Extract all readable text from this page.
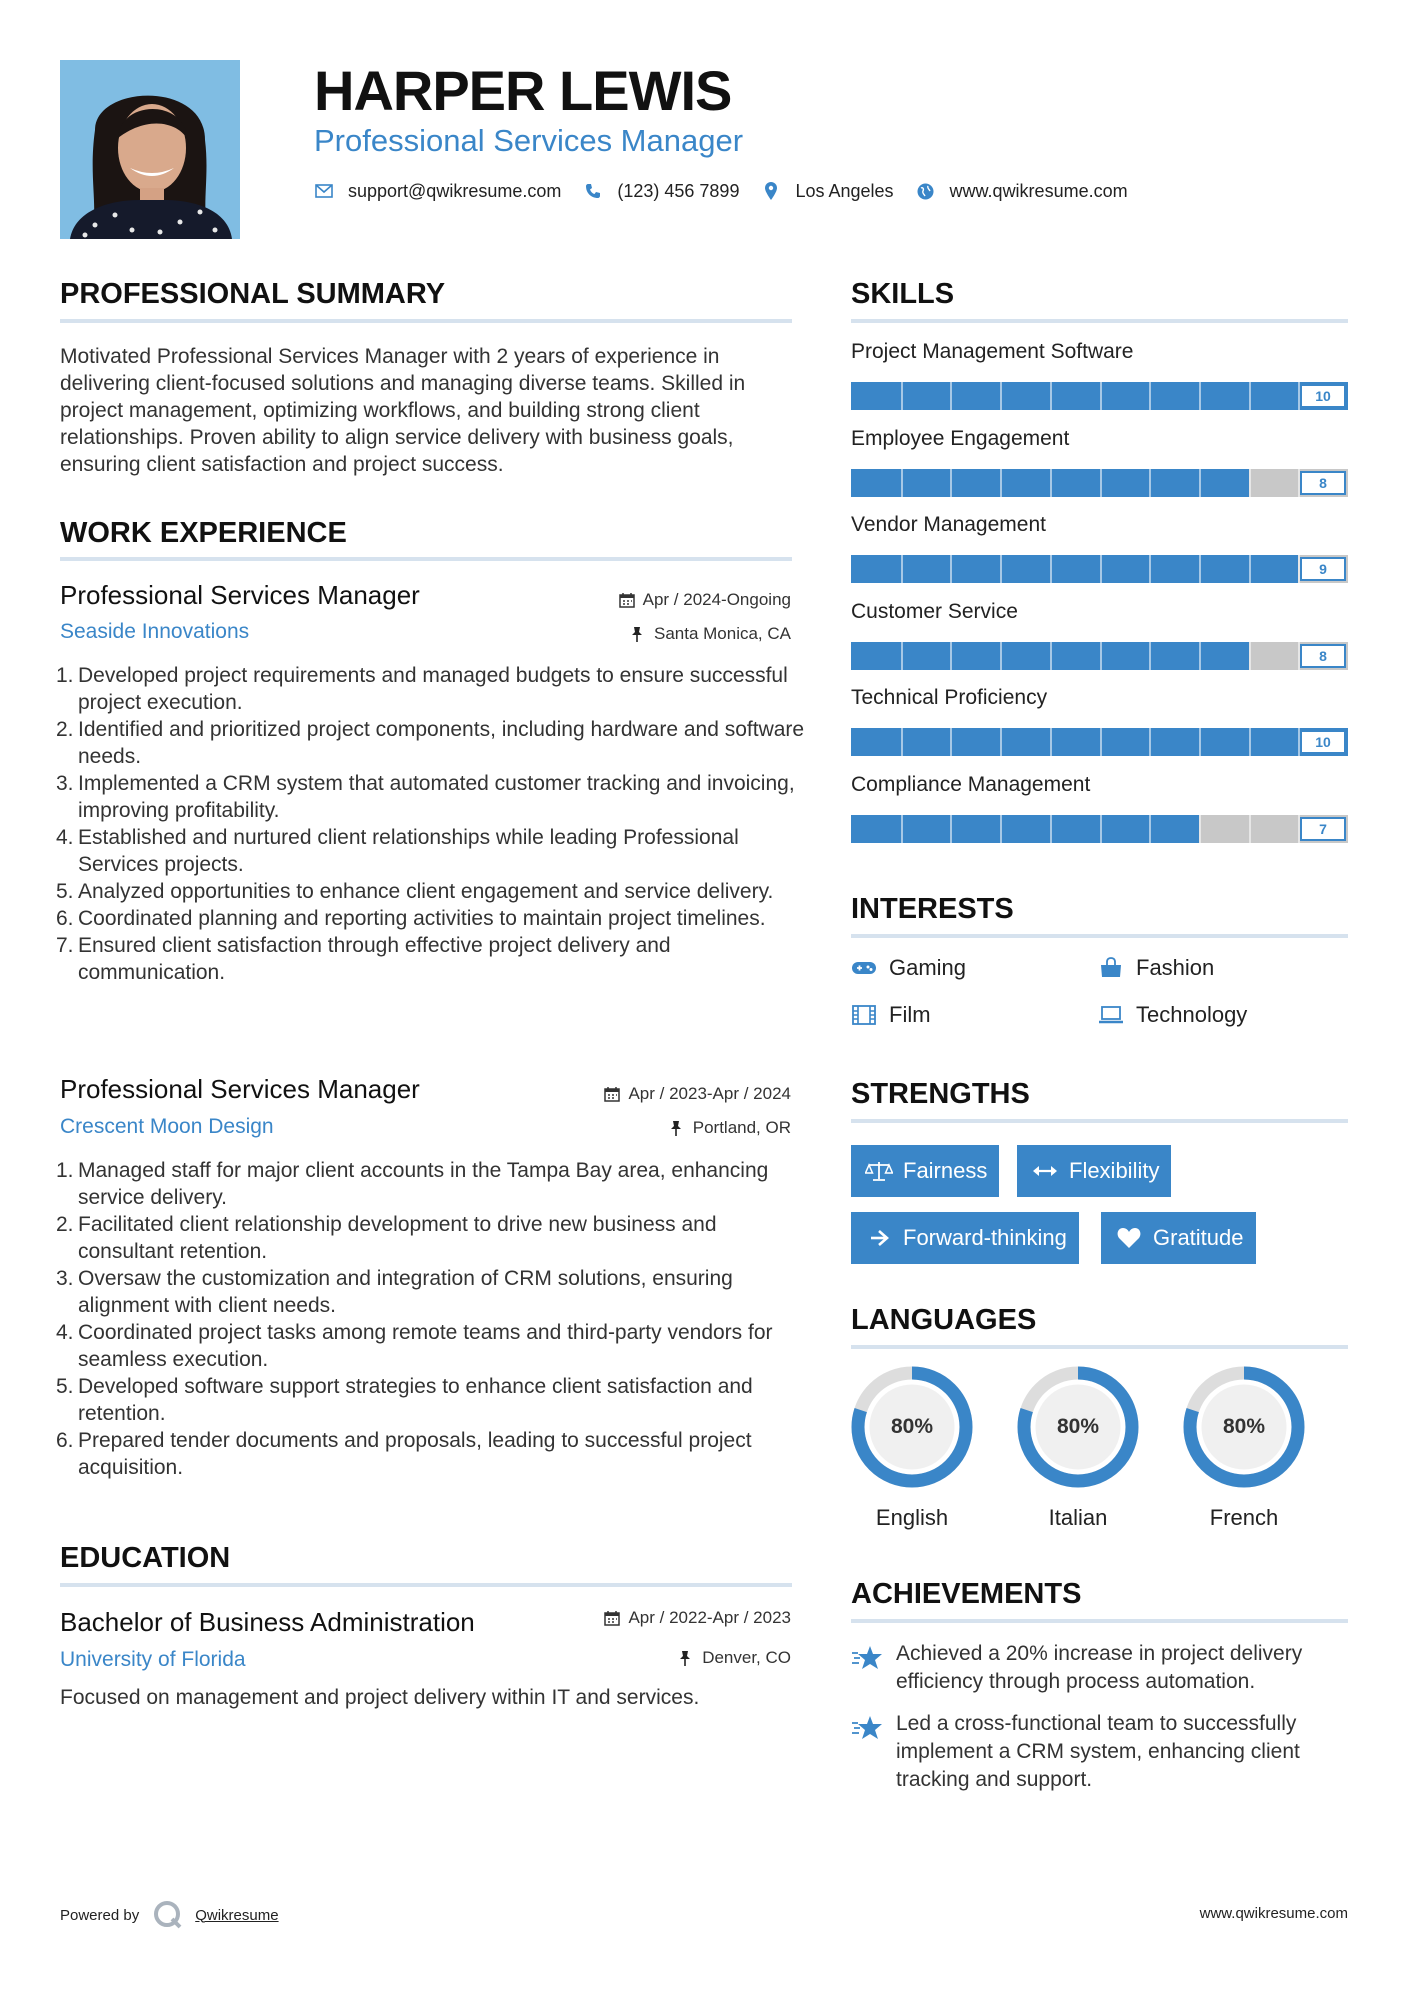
HARPER LEWIS
Professional Services Manager
support@qwikresume.com	(123) 456 7899	Los Angeles	www.qwikresume.com
PROFESSIONAL SUMMARY
Motivated Professional Services Manager with 2 years of experience in delivering client-focused solutions and managing diverse teams. Skilled in project management, optimizing workflows, and building strong client relationships. Proven ability to align service delivery with business goals, ensuring client satisfaction and project success.
WORK EXPERIENCE
Professional Services Manager
Seaside Innovations
Apr / 2024-Ongoing
Santa Monica, CA
1. Developed project requirements and managed budgets to ensure successful project execution.
2. Identified and prioritized project components, including hardware and software needs.
3. Implemented a CRM system that automated customer tracking and invoicing, improving profitability.
4. Established and nurtured client relationships while leading Professional Services projects.
5. Analyzed opportunities to enhance client engagement and service delivery.
6. Coordinated planning and reporting activities to maintain project timelines.
7. Ensured client satisfaction through effective project delivery and communication.
Professional Services Manager
Crescent Moon Design
Apr / 2023-Apr / 2024
Portland, OR
1. Managed staff for major client accounts in the Tampa Bay area, enhancing service delivery.
2. Facilitated client relationship development to drive new business and consultant retention.
3. Oversaw the customization and integration of CRM solutions, ensuring alignment with client needs.
4. Coordinated project tasks among remote teams and third-party vendors for seamless execution.
5. Developed software support strategies to enhance client satisfaction and retention.
6. Prepared tender documents and proposals, leading to successful project acquisition.
EDUCATION
Bachelor of Business Administration
University of Florida
Apr / 2022-Apr / 2023
Denver, CO
Focused on management and project delivery within IT and services.
SKILLS
Project Management Software
10
Employee Engagement
8
Vendor Management
9
Customer Service
8
Technical Proficiency
10
Compliance Management
7
INTERESTS
Gaming	Fashion
Film	Technology
STRENGTHS
Fairness	Flexibility
Forward-thinking	Gratitude
LANGUAGES
80%
English
80%
Italian
80%
French
ACHIEVEMENTS
Achieved a 20% increase in project delivery efficiency through process automation.
Led a cross-functional team to successfully implement a CRM system, enhancing client tracking and support.
Powered by	Qwikresume	www.qwikresume.com
